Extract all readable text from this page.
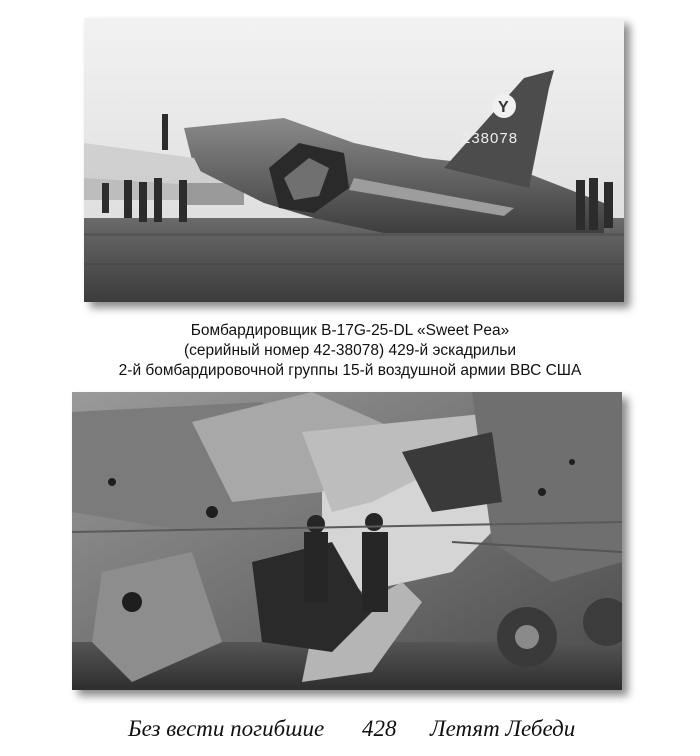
Y
238078
Бомбардировщик B-17G-25-DL «Sweet Pea»
(серийный номер 42-38078) 429-й эскадрильи
2-й бомбардировочной группы 15-й воздушной армии ВВС США
Без вести погибшие 428 Летят Лебеди
